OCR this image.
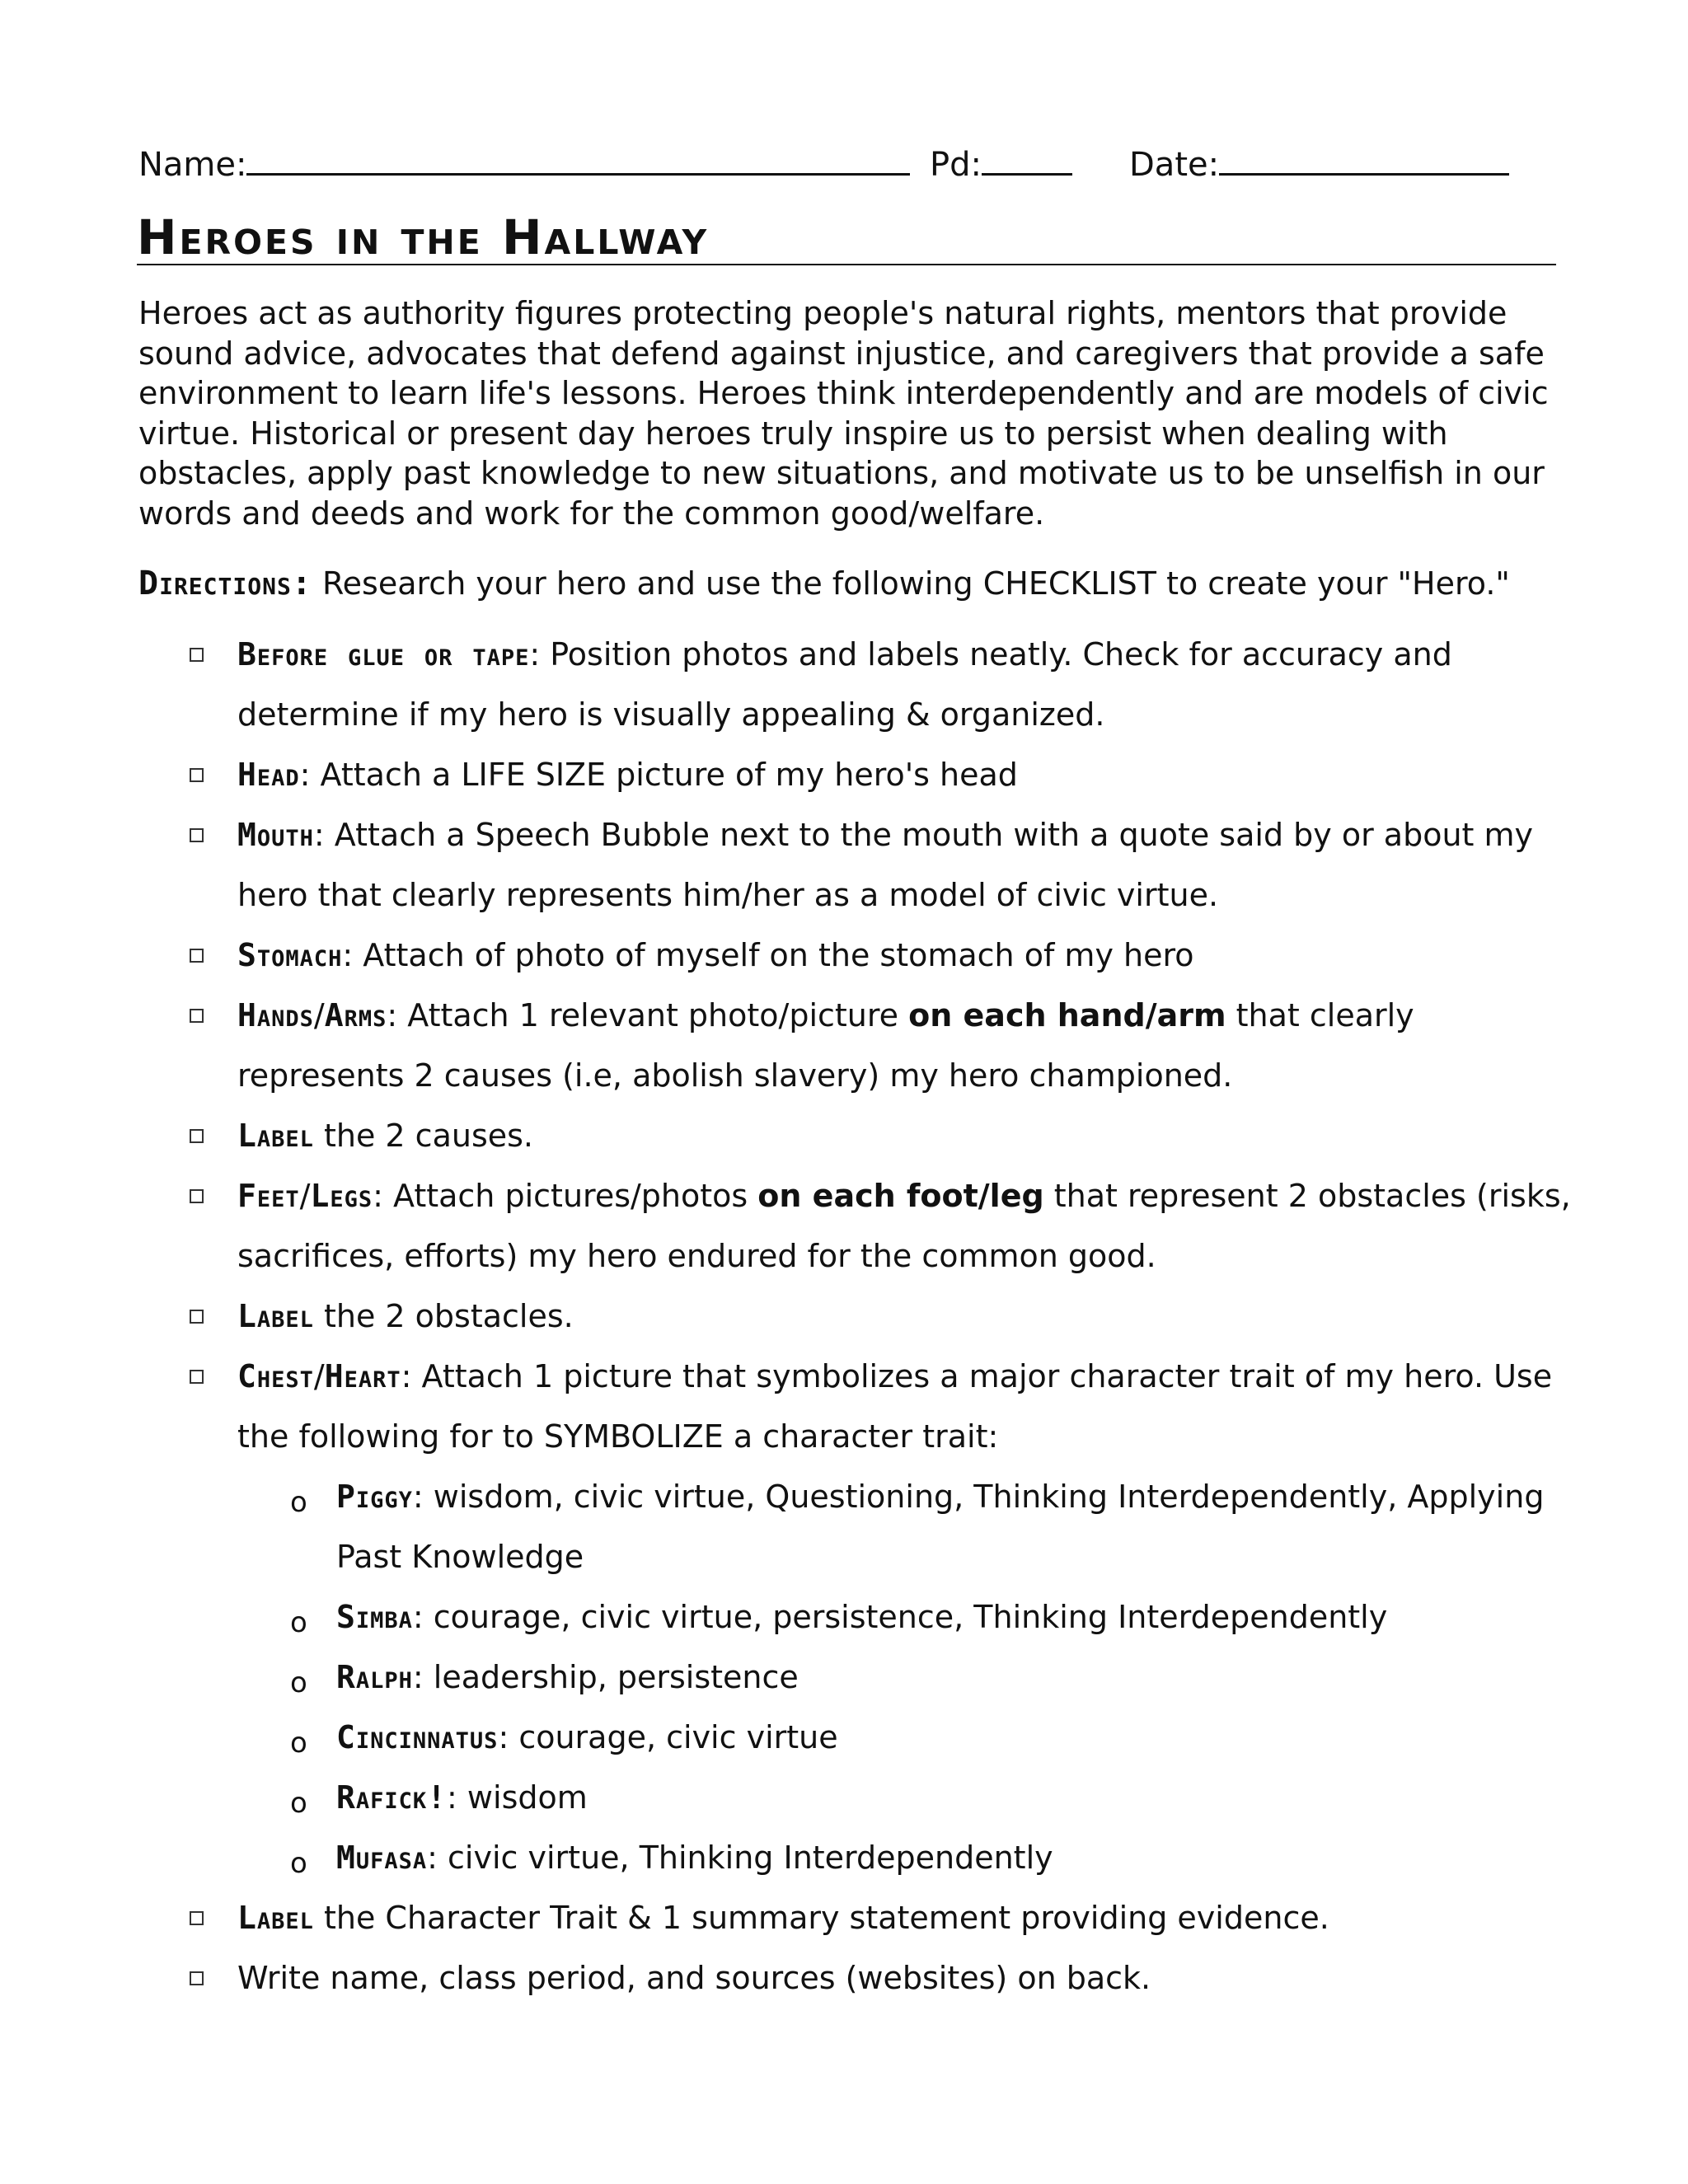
Name:	Pd:	Date:
Heroes in the Hallway
Heroes act as authority figures protecting people's natural rights, mentors that provide sound advice, advocates that defend against injustice, and caregivers that provide a safe environment to learn life's lessons. Heroes think interdependently and are models of civic virtue. Historical or present day heroes truly inspire us to persist when dealing with obstacles, apply past knowledge to new situations, and motivate us to be unselfish in our words and deeds and work for the common good/welfare.
Directions: Research your hero and use the following CHECKLIST to create your "Hero."
Before glue or tape: Position photos and labels neatly. Check for accuracy and determine if my hero is visually appealing & organized.
Head: Attach a LIFE SIZE picture of my hero's head
Mouth: Attach a Speech Bubble next to the mouth with a quote said by or about my hero that clearly represents him/her as a model of civic virtue.
Stomach: Attach of photo of myself on the stomach of my hero
Hands/Arms: Attach 1 relevant photo/picture on each hand/arm that clearly represents 2 causes (i.e, abolish slavery) my hero championed.
Label the 2 causes.
Feet/Legs: Attach pictures/photos on each foot/leg that represent 2 obstacles (risks, sacrifices, efforts) my hero endured for the common good.
Label the 2 obstacles.
Chest/Heart: Attach 1 picture that symbolizes a major character trait of my hero. Use the following for to SYMBOLIZE a character trait:
o Piggy: wisdom, civic virtue, Questioning, Thinking Interdependently, Applying Past Knowledge
o Simba: courage, civic virtue, persistence, Thinking Interdependently
o Ralph: leadership, persistence
o Cincinnatus: courage, civic virtue
o Rafick!: wisdom
o Mufasa: civic virtue, Thinking Interdependently
Label the Character Trait & 1 summary statement providing evidence.
Write name, class period, and sources (websites) on back.
